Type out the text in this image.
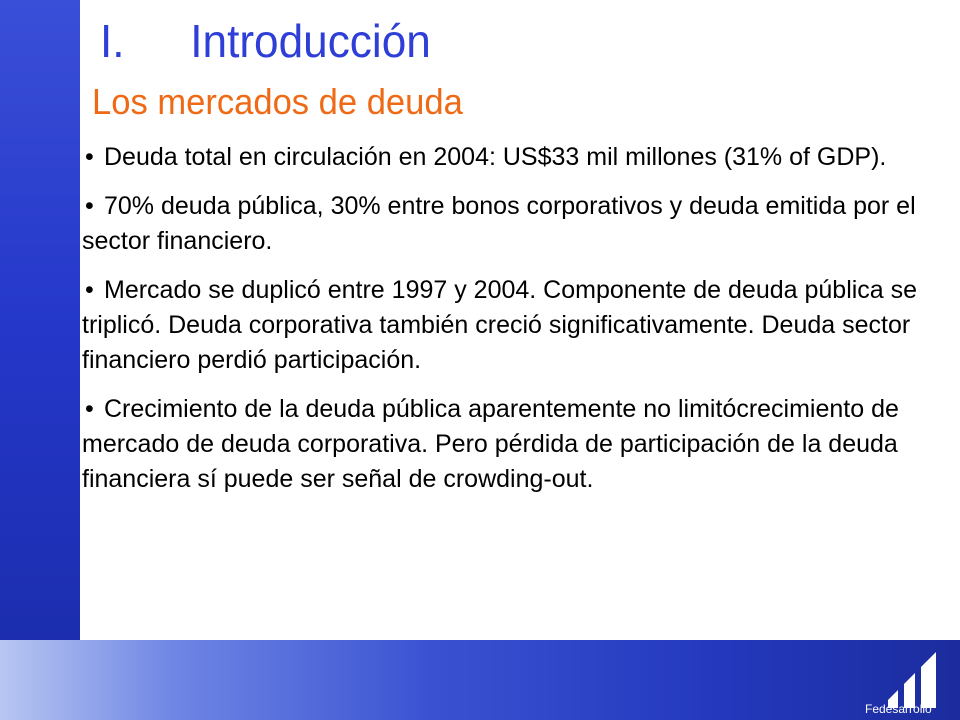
I. Introducción
Los mercados de deuda
• Deuda total en circulación en 2004: US$33 mil millones (31% of GDP).
• 70% deuda pública, 30% entre bonos corporativos y deuda emitida por el sector financiero.
• Mercado se duplicó entre 1997 y 2004. Componente de deuda pública se triplicó. Deuda corporativa también creció significativamente. Deuda sector financiero perdió participación.
• Crecimiento de la deuda pública aparentemente no limitócrecimiento de mercado de deuda corporativa. Pero pérdida de participación de la deuda financiera sí puede ser señal de crowding-out.
Fedesarrollo
